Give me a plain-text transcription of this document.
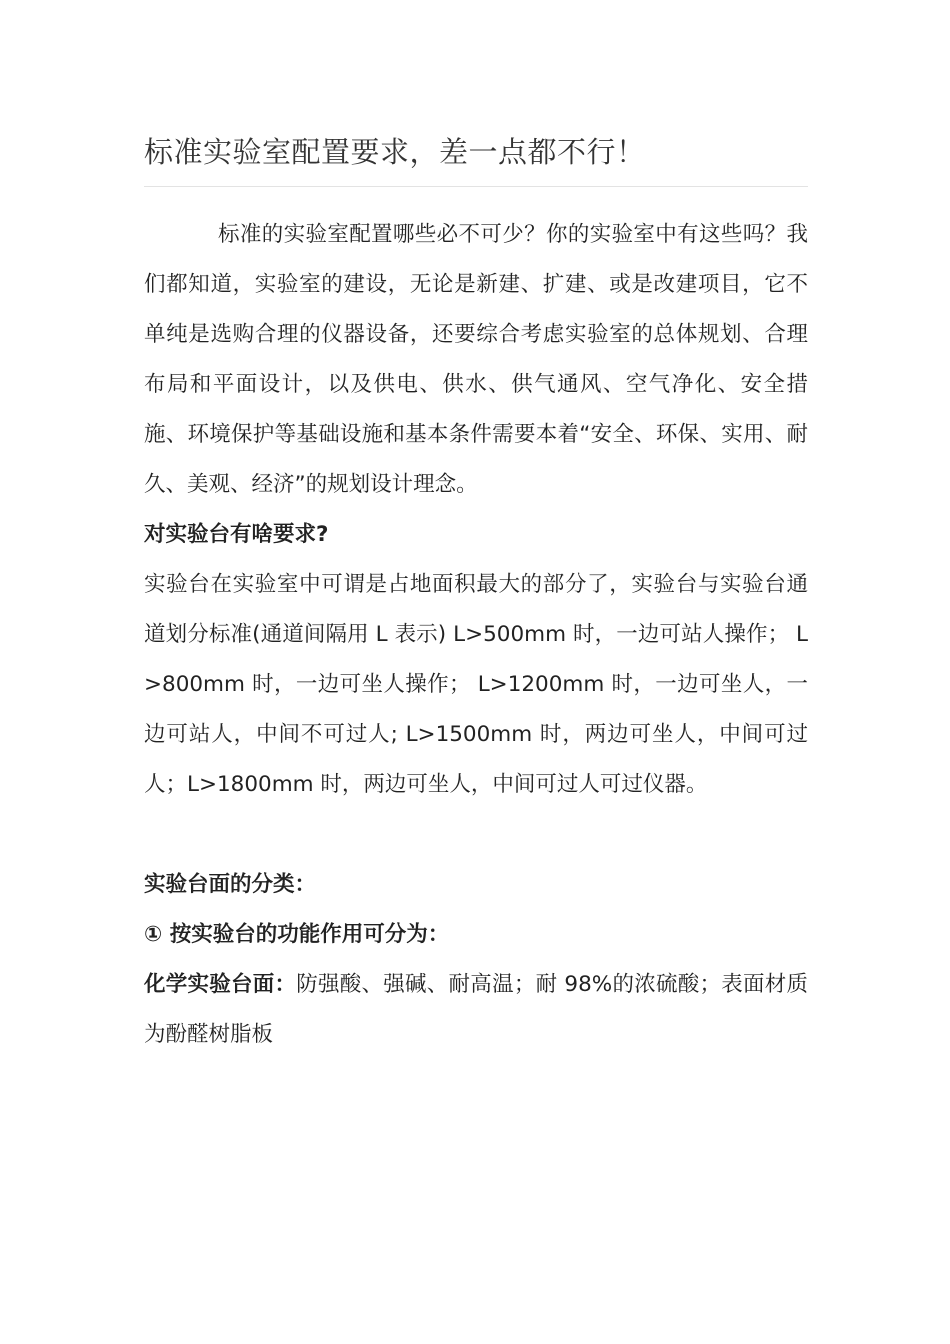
标准实验室配置要求，差一点都不行！

标准的实验室配置哪些必不可少？你的实验室中有这些吗？我们都知道，实验室的建设，无论是新建、扩建、或是改建项目，它不单纯是选购合理的仪器设备，还要综合考虑实验室的总体规划、合理布局和平面设计，以及供电、供水、供气通风、空气净化、安全措施、环境保护等基础设施和基本条件需要本着“安全、环保、实用、耐久、美观、经济”的规划设计理念。

对实验台有啥要求?

实验台在实验室中可谓是占地面积最大的部分了，实验台与实验台通道划分标准(通道间隔用 L 表示) L>500mm 时，一边可站人操作； L>800mm 时，一边可坐人操作； L>1200mm 时，一边可坐人，一边可站人，中间不可过人; L>1500mm 时，两边可坐人，中间可过人；L>1800mm 时，两边可坐人，中间可过人可过仪器。

实验台面的分类：

① 按实验台的功能作用可分为：

化学实验台面：防强酸、强碱、耐高温；耐 98%的浓硫酸；表面材质为酚醛树脂板
